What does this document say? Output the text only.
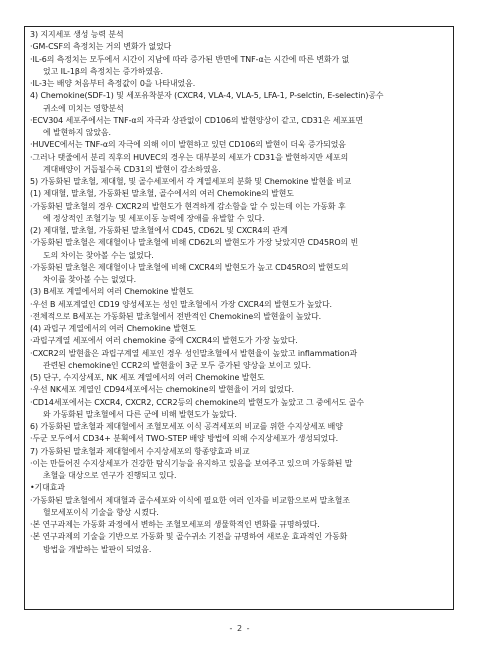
3) 지지세포 생성 능력 분석
·GM-CSF의 측정치는 거의 변화가 없었다
·IL-6의 측정치는 모두에서 시간이 지남에 따라 증가된 반면에 TNF-α는 시간에 따른 변화가 없
었고 IL-1β의 측정치는 증가하였음.
·IL-3는 배양 처음부터 측정값이 0을 나타내었음.
4) Chemokine(SDF-1) 및 세포유착분자 (CXCR4, VLA-4, VLA-5, LFA-1, P-selctin, E-selectin)공수
귀소에 미치는 영향분석
·ECV304 세포주에서는 TNF-α의 자극과 상관없이 CD106의 발현양상이 같고, CD31은 세포표면
에 발현하지 않았음.
·HUVEC에서는 TNF-α의 자극에 의해 이미 발현하고 있던 CD106의 발현이 더욱 증가되었음
·그러나 탯줄에서 분리 직후의 HUVEC의 경우는 대부분의 세포가 CD31을 발현하지만 세포의
계대배양이 거듭될수록 CD31의 발현이 감소하였음.
5) 가동화된 말초혈, 제대혈, 및 골수세포에서 각 계열세포의 분화 및 Chemokine 발현율 비교
(1) 제대혈, 말초혈, 가동화된 말초혈, 골수에서의 여러 Chemokine의 발현도
·가동화된 말초혈의 경우 CXCR2의 발현도가 현격하게 감소함을 알 수 있는데 이는 가동화 후
에 정상적인 조혈기능 및 세포이동 능력에 장애를 유발할 수 있다.
(2) 제대혈, 말초혈, 가동화된 말초혈에서 CD45, CD62L 및 CXCR4의 관계
·가동화된 말초혈은 제대혈이나 말초혈에 비해 CD62L의 발현도가 가장 낮았지만 CD45RO의 빈
도의 차이는 찾아볼 수는 없었다.
·가동화된 말초혈은 제대혈이나 말초혈에 비해 CXCR4의 발현도가 높고 CD45RO의 발현도의
차이를 찾아볼 수는 없었다.
(3) B세포 계열에서의 여러 Chemokine 발현도
·우선 B 세포계열인 CD19 양성세포는 성인 말초혈에서 가장 CXCR4의 발현도가 높았다.
·전체적으로 B세포는 가동화된 말초혈에서 전반적인 Chemokine의 발현율이 높았다.
(4) 과립구 계열에서의 여러 Chemokine 발현도
·과립구계열 세포에서 여러 chemokine 중에 CXCR4의 발현도가 가장 높았다.
·CXCR2의 발현율은 과립구계열 세포인 경우 성인말초혈에서 발현율이 높았고 inflammation과
관련된 chemokine인 CCR2의 발현율이 3군 모두 증가된 양상을 보이고 있다.
(5) 단구, 수지상세포, NK 세포 계열에서의 여러 Chemokine 발현도
·우선 NK세포 계열인 CD94세포에서는 chemokine의 발현율이 거의 없었다.
·CD14세포에서는 CXCR4, CXCR2, CCR2등의 chemokine의 발현도가 높았고 그 중에서도 골수
와 가동화된 말초혈에서 다른 군에 비해 발현도가 높았다.
6) 가동화된 말초혈과 제대혈에서 조혈모세포 이식 공격세포의 비교를 위한 수지상세포 배양
·두군 모두에서 CD34+ 분획에서 TWO-STEP 배양 방법에 의해 수지상세포가 생성되었다.
7) 가동화된 말초혈과 제대혈에서 수지상세포의 항종양효과 비교
·이는 만들어진 수지상세포가 건강한 탐식기능을 유지하고 있음을 보여주고 있으며 가동화된 말
초혈을 대상으로 연구가 진행되고 있다.
•기대효과
·가동화된 말초혈에서 제대혈과 골수세포와 이식에 필요한 여러 인자를 비교함으로써 말초혈조
혈모세포이식 기술을 향상 시켰다.
·본 연구과제는 가동화 과정에서 변하는 조혈모세포의 생물학적인 변화를 규명하였다.
·본 연구과제의 기술을 기반으로 가동화 및 골수귀소 기전을 규명하여 새로운 효과적인 가동화
방법을 개발하는 발판이 되었음.
- 2 -
